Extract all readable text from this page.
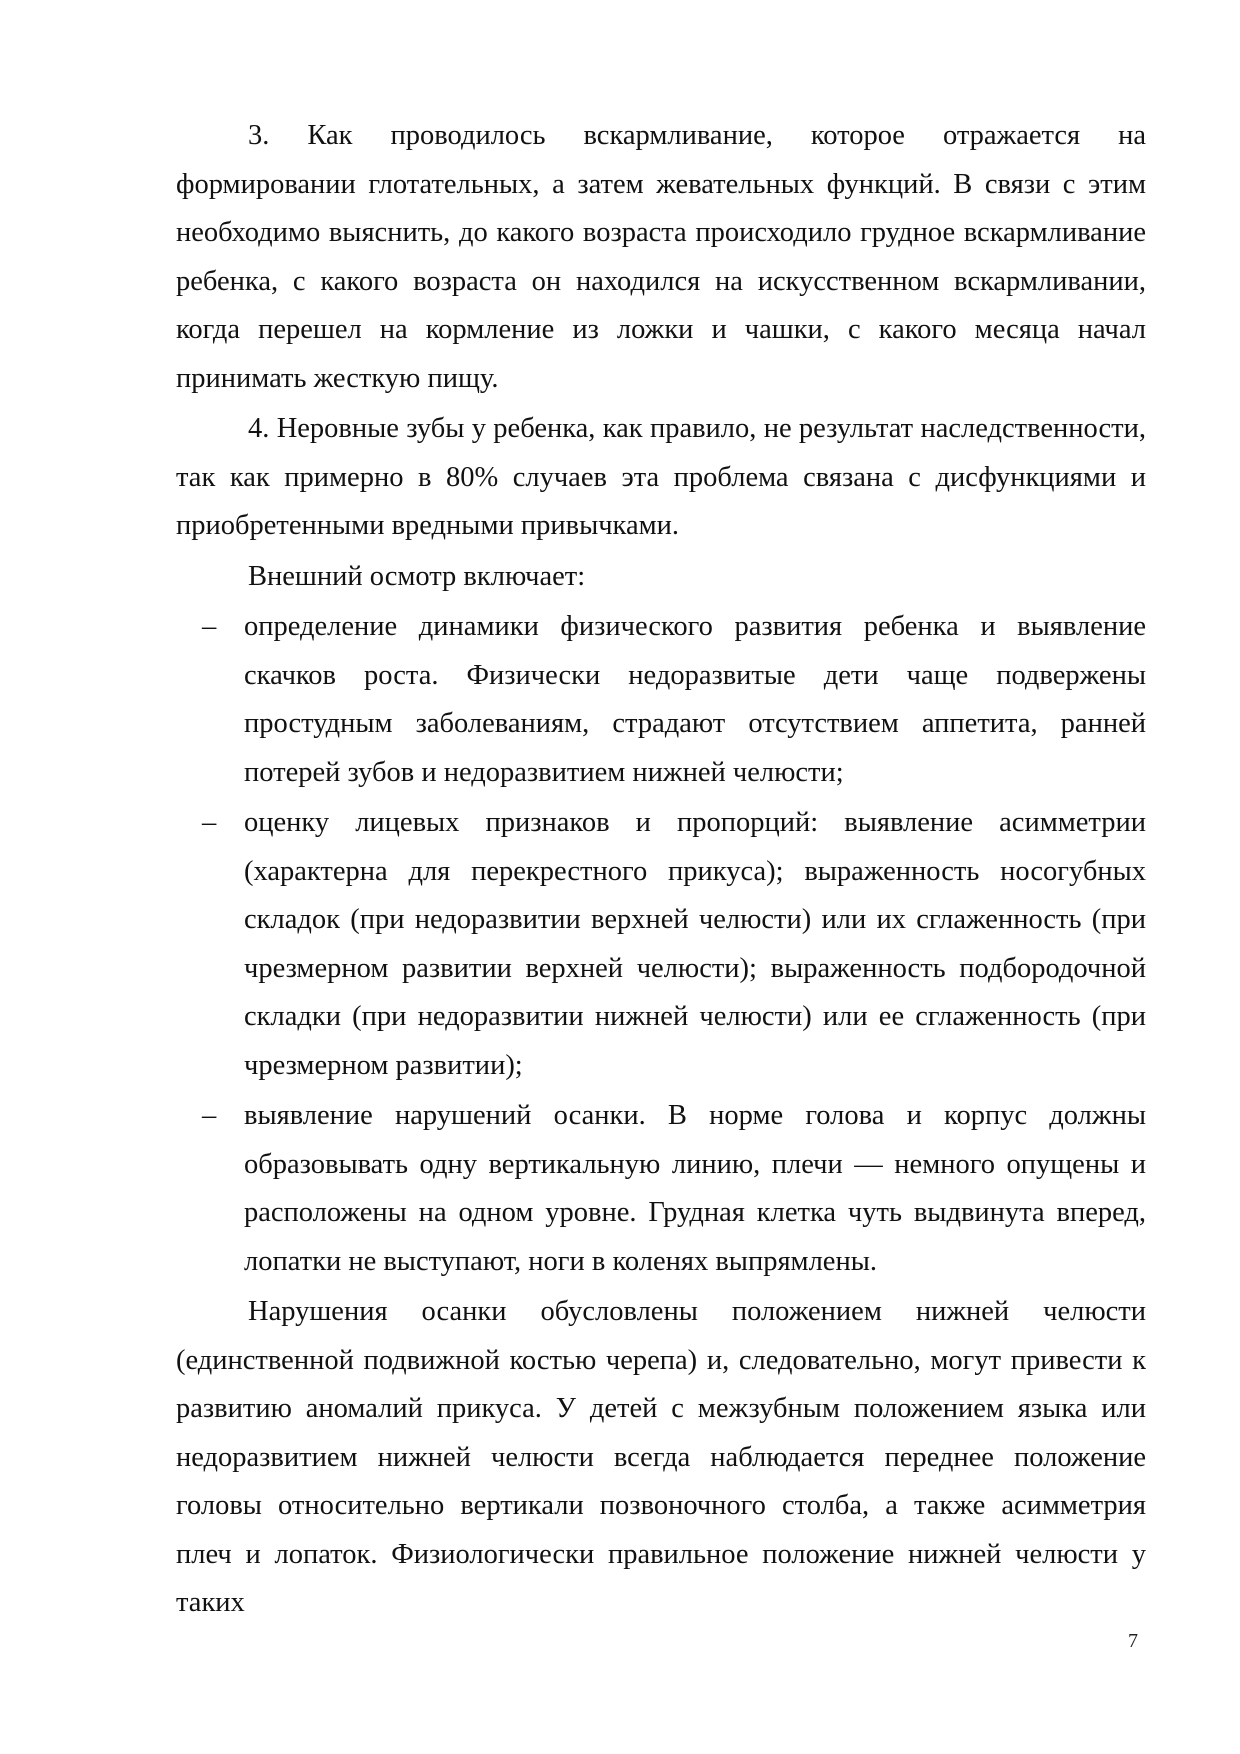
3. Как проводилось вскармливание, которое отражается на формировании глотательных, а затем жевательных функций. В связи с этим необходимо выяснить, до какого возраста происходило грудное вскармливание ребенка, с какого возраста он находился на искусственном вскармливании, когда перешел на кормление из ложки и чашки, с какого месяца начал принимать жесткую пищу.

4. Неровные зубы у ребенка, как правило, не результат наследственности, так как примерно в 80% случаев эта проблема связана с дисфункциями и приобретенными вредными привычками.

Внешний осмотр включает:

– определение динамики физического развития ребенка и выявление скачков роста. Физически недоразвитые дети чаще подвержены простудным заболеваниям, страдают отсутствием аппетита, ранней потерей зубов и недоразвитием нижней челюсти;
– оценку лицевых признаков и пропорций: выявление асимметрии (характерна для перекрестного прикуса); выраженность носогубных складок (при недоразвитии верхней челюсти) или их сглаженность (при чрезмерном развитии верхней челюсти); выраженность подбородочной складки (при недоразвитии нижней челюсти) или ее сглаженность (при чрезмерном развитии);
– выявление нарушений осанки. В норме голова и корпус должны образовывать одну вертикальную линию, плечи — немного опущены и расположены на одном уровне. Грудная клетка чуть выдвинута вперед, лопатки не выступают, ноги в коленях выпрямлены.

Нарушения осанки обусловлены положением нижней челюсти (единственной подвижной костью черепа) и, следовательно, могут привести к развитию аномалий прикуса. У детей с межзубным положением языка или недоразвитием нижней челюсти всегда наблюдается переднее положение головы относительно вертикали позвоночного столба, а также асимметрия плеч и лопаток. Физиологически правильное положение нижней челюсти у таких

7
